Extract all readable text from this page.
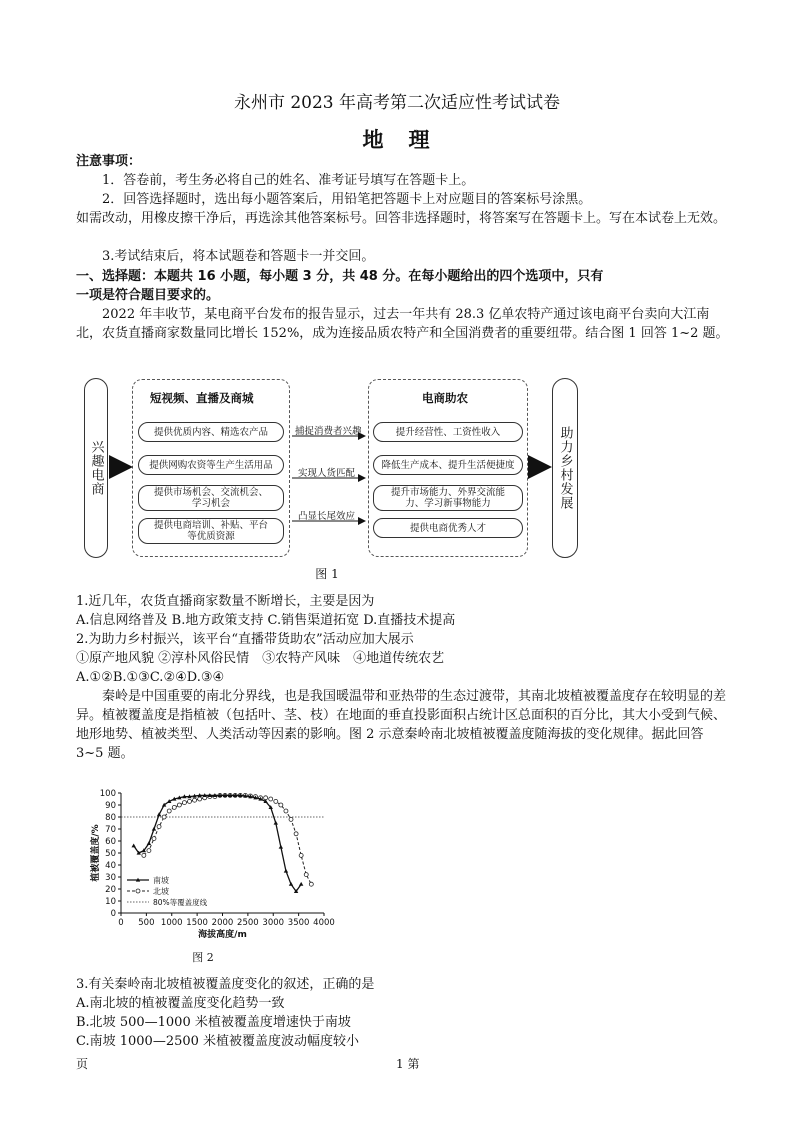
永州市 2023 年高考第二次适应性考试试卷
地　理
注意事项：
1．答卷前，考生务必将自己的姓名、准考证号填写在答题卡上。
2．回答选择题时，选出每小题答案后，用铅笔把答题卡上对应题目的答案标号涂黑。
如需改动，用橡皮擦干净后，再选涂其他答案标号。回答非选择题时，将答案写在答题卡上。写在本试卷上无效。
3.考试结束后，将本试题卷和答题卡一并交回。
一、选择题：本题共 16 小题，每小题 3 分，共 48 分。在每小题给出的四个选项中，只有
一项是符合题目要求的。
2022 年丰收节，某电商平台发布的报告显示，过去一年共有 28.3 亿单农特产通过该电商平台卖向大江南北，农货直播商家数量同比增长 152%，成为连接品质农特产和全国消费者的重要纽带。结合图 1 回答 1~2 题。
兴趣电商	助力乡村发展
短视频、直播及商城
提供优质内容、精选农产品
提供网购农资等生产生活用品
提供市场机会、交流机会、学习机会
提供电商培训、补贴、平台等优质资源
电商助农
提升经营性、工资性收入
降低生产成本、提升生活便捷度
提升市场能力、外界交流能力、学习新事物能力
提供电商优秀人才
捕捉消费者兴趣
实现人货匹配
凸显长尾效应
图 1
1.近几年，农货直播商家数量不断增长，主要是因为
A.信息网络普及 B.地方政策支持 C.销售渠道拓宽 D.直播技术提高
2.为助力乡村振兴，该平台“直播带货助农”活动应加大展示
①原产地风貌 ②淳朴风俗民情　③农特产风味　④地道传统农艺
A.①②B.①③C.②④D.③④
秦岭是中国重要的南北分界线，也是我国暖温带和亚热带的生态过渡带，其南北坡植被覆盖度存在较明显的差异。植被覆盖度是指植被（包括叶、茎、枝）在地面的垂直投影面积占统计区总面积的百分比，其大小受到气候、地形地势、植被类型、人类活动等因素的影响。图 2 示意秦岭南北坡植被覆盖度随海拔的变化规律。据此回答 3~5 题。
0
10
20
30
40
50
60
70
80
90
100
0 500 1000 1500 2000 2500 3000 3500 4000
海拔高度/m
植被覆盖度/%	南坡
北坡
80%等覆盖度线
图 2
3.有关秦岭南北坡植被覆盖度变化的叙述，正确的是
A.南北坡的植被覆盖度变化趋势一致
B.北坡 500—1000 米植被覆盖度增速快于南坡
C.南坡 1000—2500 米植被覆盖度波动幅度较小
页	1 第
